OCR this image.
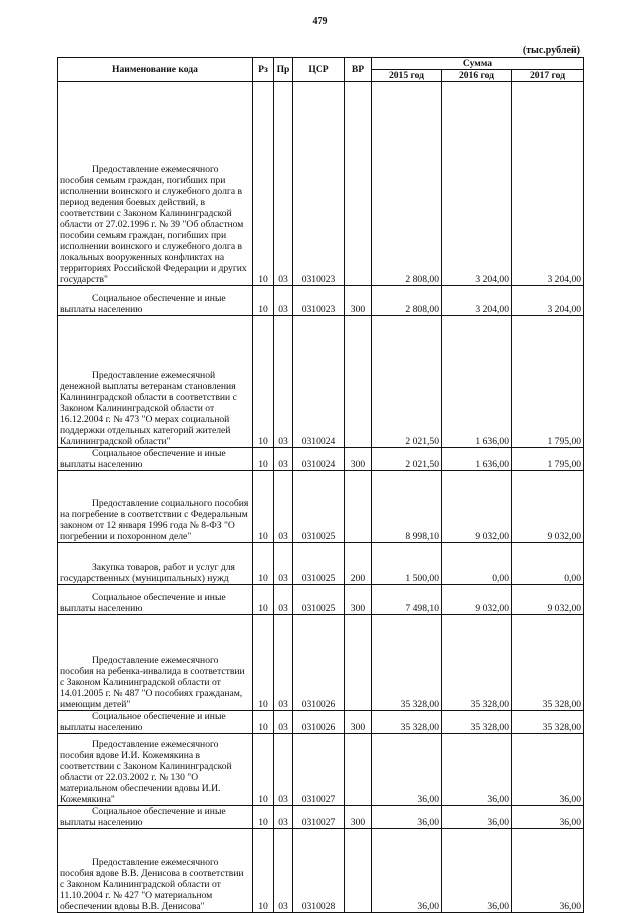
479
(тыс.рублей)
Наименование кода	Рз	Пр	ЦСР	ВР	Сумма		
					2015 год	2016 год	2017 год
Предоставление ежемесячного пособия семьям граждан, погибших при исполнении воинского и служебного долга в период ведения боевых действий, в соответствии с Законом Калининградской области от 27.02.1996 г. № 39 "Об областном пособии семьям граждан, погибших при исполнении воинского и служебного долга в локальных вооруженных конфликтах на территориях Российской Федерации и других государств"	10	03	0310023		2 808,00	3 204,00	3 204,00
Социальное обеспечение и иные выплаты населению	10	03	0310023	300	2 808,00	3 204,00	3 204,00
Предоставление ежемесячной денежной выплаты ветеранам становления Калининградской области в соответствии с Законом Калининградской области от 16.12.2004 г. № 473 "О мерах социальной поддержки отдельных категорий жителей Калининградской области"	10	03	0310024		2 021,50	1 636,00	1 795,00
Социальное обеспечение и иные выплаты населению	10	03	0310024	300	2 021,50	1 636,00	1 795,00
Предоставление социального пособия на погребение в соответствии с Федеральным законом от 12 января 1996 года № 8-ФЗ "О погребении и похоронном деле"	10	03	0310025		8 998,10	9 032,00	9 032,00
Закупка товаров, работ и услуг для государственных (муниципальных) нужд	10	03	0310025	200	1 500,00	0,00	0,00
Социальное обеспечение и иные выплаты населению	10	03	0310025	300	7 498,10	9 032,00	9 032,00
Предоставление ежемесячного пособия на ребенка-инвалида в соответствии с Законом Калининградской области от 14.01.2005 г. № 487 "О пособиях гражданам, имеющим детей"	10	03	0310026		35 328,00	35 328,00	35 328,00
Социальное обеспечение и иные выплаты населению	10	03	0310026	300	35 328,00	35 328,00	35 328,00
Предоставление ежемесячного пособия вдове И.И. Кожемякина в соответствии с Законом Калининградской области от 22.03.2002 г. № 130 "О материальном обеспечении вдовы И.И. Кожемякина"	10	03	0310027		36,00	36,00	36,00
Социальное обеспечение и иные выплаты населению	10	03	0310027	300	36,00	36,00	36,00
Предоставление ежемесячного пособия вдове В.В. Денисова в соответствии с Законом Калининградской области от 11.10.2004 г. № 427 "О материальном обеспечении вдовы В.В. Денисова"	10	03	0310028		36,00	36,00	36,00
